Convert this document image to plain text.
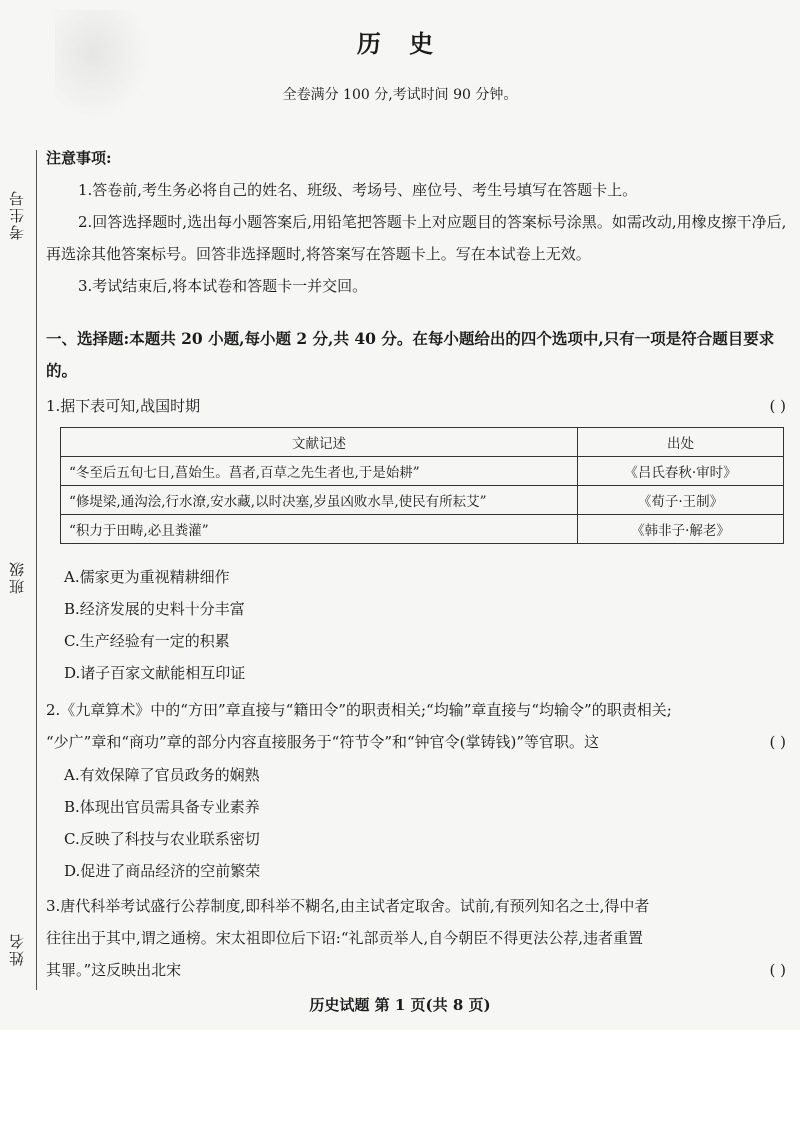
考生号
班级
姓名
历 史
全卷满分 100 分,考试时间 90 分钟。
注意事项:
1.答卷前,考生务必将自己的姓名、班级、考场号、座位号、考生号填写在答题卡上。
2.回答选择题时,选出每小题答案后,用铅笔把答题卡上对应题目的答案标号涂黑。如需改动,用橡皮擦干净后,再选涂其他答案标号。回答非选择题时,将答案写在答题卡上。写在本试卷上无效。
3.考试结束后,将本试卷和答题卡一并交回。
一、选择题:本题共 20 小题,每小题 2 分,共 40 分。在每小题给出的四个选项中,只有一项是符合题目要求的。
1.据下表可知,战国时期	( )
文献记述	出处
“冬至后五旬七日,菖始生。菖者,百草之先生者也,于是始耕”	《吕氏春秋·审时》
“修堤梁,通沟浍,行水潦,安水藏,以时决塞,岁虽凶败水旱,使民有所耘艾”	《荀子·王制》
“积力于田畴,必且粪灌”	《韩非子·解老》
A.儒家更为重视精耕细作
B.经济发展的史料十分丰富
C.生产经验有一定的积累
D.诸子百家文献能相互印证
2.《九章算术》中的“方田”章直接与“籍田令”的职责相关;“均输”章直接与“均输令”的职责相关;
“少广”章和“商功”章的部分内容直接服务于“符节令”和“钟官令(掌铸钱)”等官职。这	( )
A.有效保障了官员政务的娴熟
B.体现出官员需具备专业素养
C.反映了科技与农业联系密切
D.促进了商品经济的空前繁荣
3.唐代科举考试盛行公荐制度,即科举不糊名,由主试者定取舍。试前,有预列知名之士,得中者
往往出于其中,谓之通榜。宋太祖即位后下诏:“礼部贡举人,自今朝臣不得更法公荐,违者重置
其罪。”这反映出北宋	( )
历史试题 第 1 页(共 8 页)
